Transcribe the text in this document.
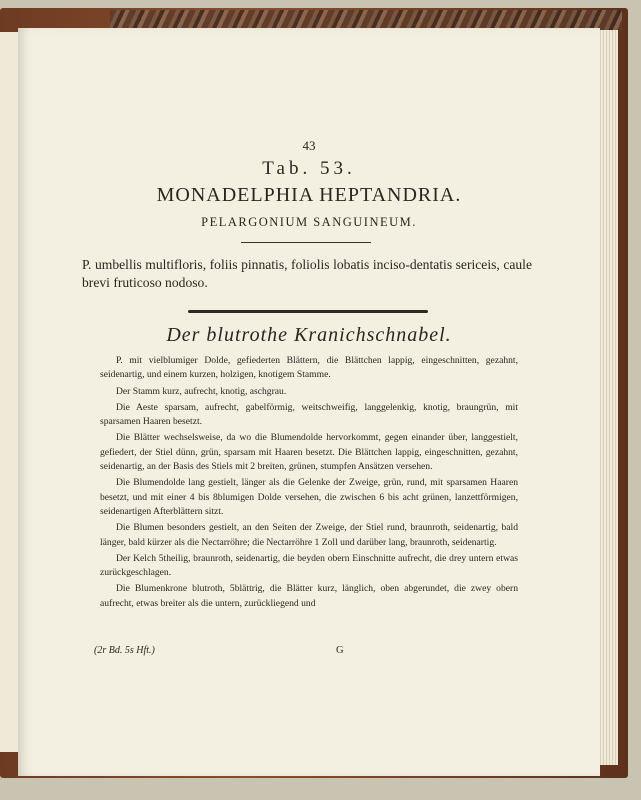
43
Tab. 53.
MONADELPHIA HEPTANDRIA.
PELARGONIUM SANGUINEUM.
P. umbellis multifloris, foliis pinnatis, foliolis lobatis inciso-dentatis sericeis, caule brevi fruticoso nodoso.
Der blutrothe Kranichschnabel.

P. mit vielblumiger Dolde, gefiederten Blättern, die Blättchen lappig, eingeschnitten, gezahnt, seidenartig, und einem kurzen, holzigen, knotigem Stamme.

Der Stamm kurz, aufrecht, knotig, aschgrau.

Die Aeste sparsam, aufrecht, gabelförmig, weitschweifig, langgelenkig, knotig, braungrün, mit sparsamen Haaren besetzt.

Die Blätter wechselsweise, da wo die Blumendolde hervorkommt, gegen einander über, langgestielt, gefiedert, der Stiel dünn, grün, sparsam mit Haaren besetzt. Die Blättchen lappig, eingeschnitten, gezahnt, seidenartig, an der Basis des Stiels mit 2 breiten, grünen, stumpfen Ansätzen versehen.

Die Blumendolde lang gestielt, länger als die Gelenke der Zweige, grün, rund, mit sparsamen Haaren besetzt, und mit einer 4 bis 8blumigen Dolde versehen, die zwischen 6 bis acht grünen, lanzettförmigen, seidenartigen Afterblättern sitzt.

Die Blumen besonders gestielt, an den Seiten der Zweige, der Stiel rund, braunroth, seidenartig, bald länger, bald kürzer als die Nectarröhre; die Nectarröhre 1 Zoll und darüber lang, braunroth, seidenartig.

Der Kelch 5theilig, braunroth, seidenartig, die beyden obern Einschnitte aufrecht, die drey untern etwas zurückgeschlagen.

Die Blumenkrone blutroth, 5blättrig, die Blätter kurz, länglich, oben abgerundet, die zwey obern aufrecht, etwas breiter als die untern, zurückliegend und

(2r Bd. 5s Hft.)	G
